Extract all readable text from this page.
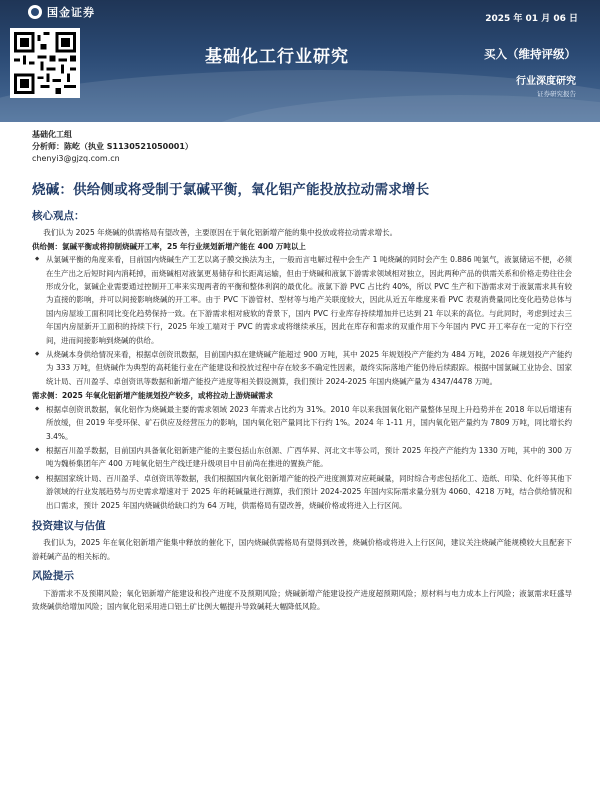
国金证券	2025 年 01 月 06 日
基础化工行业研究	买入（维持评级）
行业深度研究
证券研究报告
基础化工组
分析师：陈屹（执业 S1130521050001）
chenyi3@gjzq.com.cn
烧碱：供给侧或将受制于氯碱平衡，氧化铝产能投放拉动需求增长
核心观点：

我们认为 2025 年烧碱的供需格局有望改善，主要原因在于氧化铝新增产能的集中投放或将拉动需求增长。

供给侧：氯碱平衡或将抑制烧碱开工率，25 年行业规划新增产能在 400 万吨以上

◆ 从氯碱平衡的角度来看，目前国内烧碱生产工艺以离子膜交换法为主，一般而言电解过程中会生产 1 吨烧碱的同时会产生 0.886 吨氯气，液氯储运不便，必须在生产出之后短时间内消耗掉，而烧碱相对液氯更易储存和长距离运输，但由于烧碱和液氯下游需求领域相对独立，因此两种产品的供需关系和价格走势往往会形成分化，氯碱企业需要通过控制开工率来实现两者的平衡和整体利润的最优化。液氯下游 PVC 占比约 40%，所以 PVC 生产和下游需求对于液氯需求具有较为直接的影响，并可以间接影响烧碱的开工率。由于 PVC 下游管材、型材等与地产关联度较大，因此从近五年维度来看 PVC 表观消费量同比变化趋势总体与国内房屋竣工面积同比变化趋势保持一致。在下游需求相对疲软的背景下，国内 PVC 行业库存持续增加并已达到 21 年以来的高位。与此同时，考虑到过去三年国内房屋新开工面积的持续下行，2025 年竣工端对于 PVC 的需求或将继续承压，因此在库存和需求的双重作用下今年国内 PVC 开工率存在一定的下行空间，进而间接影响到烧碱的供给。
◆ 从烧碱本身供给情况来看，根据卓创资讯数据，目前国内拟在建烧碱产能超过 900 万吨，其中 2025 年规划投产产能约为 484 万吨，2026 年规划投产产能约为 333 万吨，但烧碱作为典型的高耗能行业在产能建设和投放过程中存在较多不确定性因素，最终实际落地产能仍待后续跟踪。根据中国氯碱工业协会、国家统计局、百川盈孚、卓创资讯等数据和新增产能投产进度等相关假设测算，我们预计 2024-2025 年国内烧碱产量为 4347/4478 万吨。

需求侧：2025 年氧化铝新增产能规划投产较多，或将拉动上游烧碱需求

◆ 根据卓创资讯数据，氧化铝作为烧碱最主要的需求领域 2023 年需求占比约为 31%。2010 年以来我国氧化铝产量整体呈现上升趋势并在 2018 年以后增速有所放缓，但 2019 年受环保、矿石供应及经营压力的影响，国内氧化铝产量同比下行约 1%。2024 年 1-11 月，国内氧化铝产量约为 7809 万吨，同比增长约 3.4%。
◆ 根据百川盈孚数据，目前国内具备氧化铝新建产能的主要包括山东创源、广西华昇、河北文丰等公司，预计 2025 年投产产能约为 1330 万吨，其中的 300 万吨为魏桥集团年产 400 万吨氧化铝生产线迁建升级项目中目前尚在推进的置换产能。
◆ 根据国家统计局、百川盈孚、卓创资讯等数据，我们根据国内氧化铝新增产能的投产进度测算对应耗碱量，同时综合考虑包括化工、造纸、印染、化纤等其他下游领域的行业发展趋势与历史需求增速对于 2025 年的耗碱量进行测算，我们预计 2024-2025 年国内实际需求量分别为 4060、4218 万吨，结合供给情况和出口需求，预计 2025 年国内烧碱供给缺口约为 64 万吨，供需格局有望改善，烧碱价格或将进入上行区间。
投资建议与估值

我们认为，2025 年在氧化铝新增产能集中释放的催化下，国内烧碱供需格局有望得到改善，烧碱价格或将进入上行区间，建议关注烧碱产能规模较大且配套下游耗碱产品的相关标的。

风险提示

下游需求不及预期风险；氧化铝新增产能建设和投产进度不及预期风险；烧碱新增产能建设投产进度超预期风险；原材料与电力成本上行风险；液氯需求旺盛导致烧碱供给增加风险；国内氧化铝采用进口铝土矿比例大幅提升导致碱耗大幅降低风险。
